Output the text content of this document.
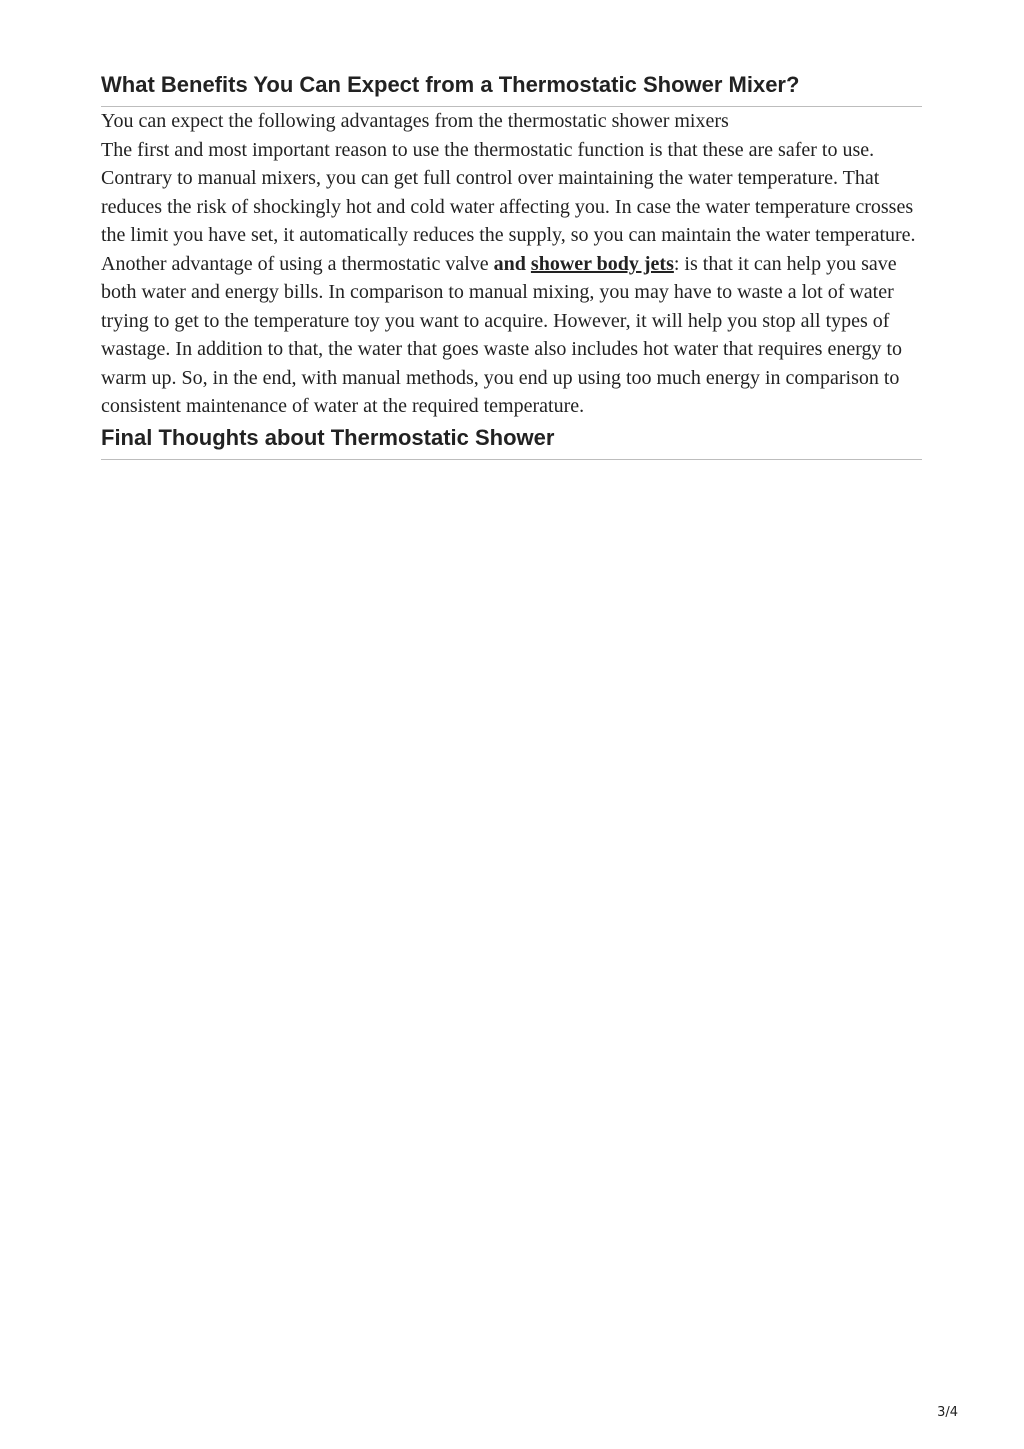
What Benefits You Can Expect from a Thermostatic Shower Mixer?

You can expect the following advantages from the thermostatic shower mixers

The first and most important reason to use the thermostatic function is that these are safer to use. Contrary to manual mixers, you can get full control over maintaining the water temperature. That reduces the risk of shockingly hot and cold water affecting you. In case the water temperature crosses the limit you have set, it automatically reduces the supply, so you can maintain the water temperature.

Another advantage of using a thermostatic valve and shower body jets: is that it can help you save both water and energy bills. In comparison to manual mixing, you may have to waste a lot of water trying to get to the temperature toy you want to acquire. However, it will help you stop all types of wastage. In addition to that, the water that goes waste also includes hot water that requires energy to warm up. So, in the end, with manual methods, you end up using too much energy in comparison to consistent maintenance of water at the required temperature.

Final Thoughts about Thermostatic Shower
3/4
